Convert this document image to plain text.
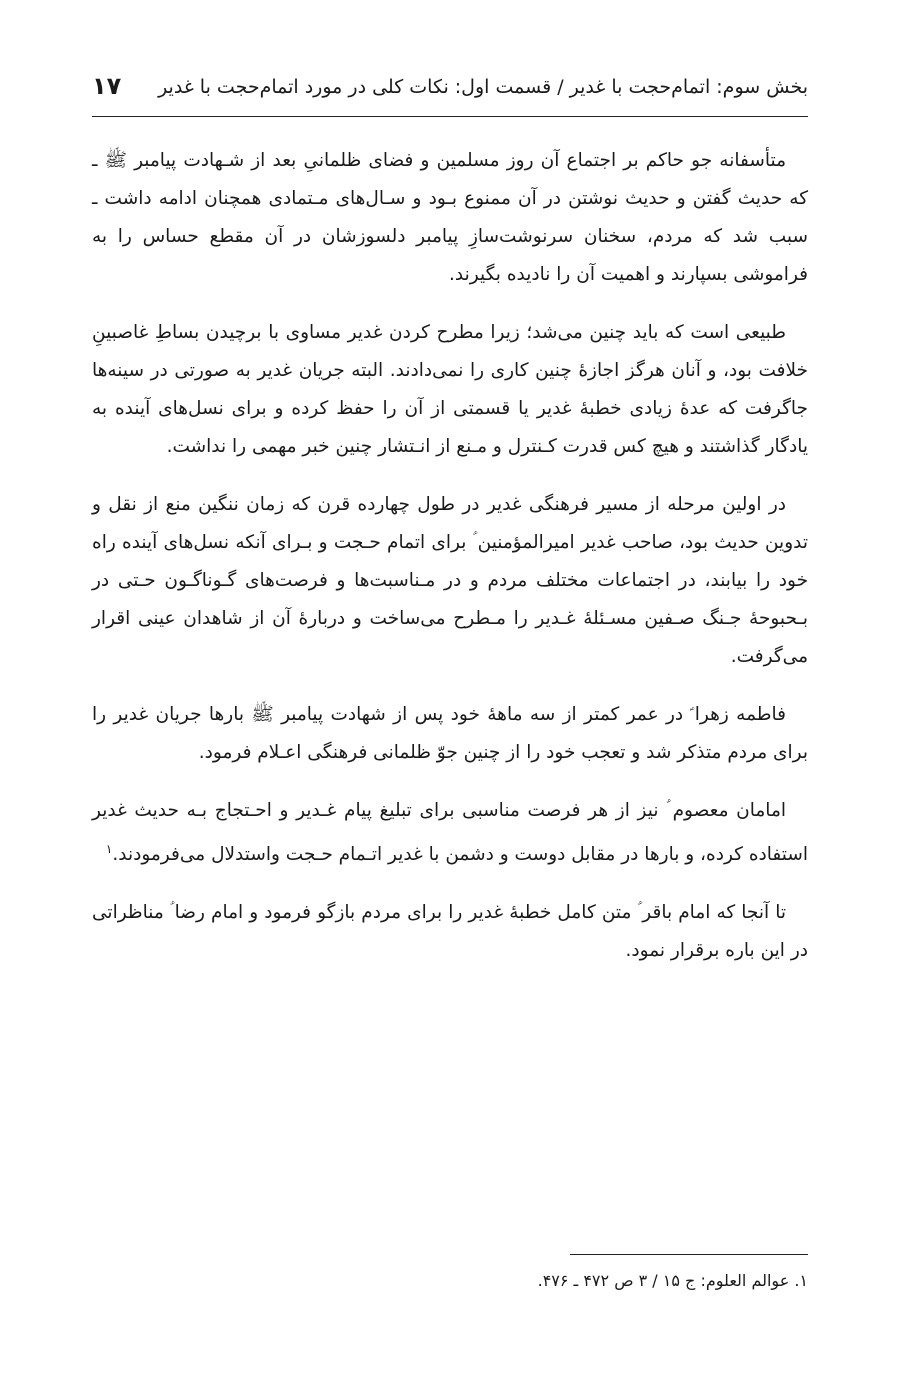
بخش سوم: اتمام‌حجت با غدیر / قسمت اول: نکات کلی در مورد اتمام‌حجت با غدیر
۱۷

متأسفانه جو حاکم بر اجتماع آن روز مسلمین و فضای ظلمانیِ بعد از شـهادت پیامبر ﷺ ـ که حدیث گفتن و حدیث نوشتن در آن ممنوع بـود و سـال‌های مـتمادی همچنان ادامه داشت ـ سبب شد که مردم، سخنان سرنوشت‌سازِ پیامبر دلسوزشان در آن مقطع حساس را به فراموشی بسپارند و اهمیت آن را نادیده بگیرند.

طبیعی است که باید چنین می‌شد؛ زیرا مطرح کردن غدیر مساوی با برچیدن بساطِ غاصبینِ خلافت بود، و آنان هرگز اجازهٔ چنین کاری را نمی‌دادند. البته جریان غدیر به صورتی در سینه‌ها جاگرفت که عدهٔ زیادی خطبهٔ غدیر یا قسمتی از آن را حفظ کرده و برای نسل‌های آینده به یادگار گذاشتند و هیچ کس قدرت کـنترل و مـنع از انـتشار چنین خبر مهمی را نداشت.

در اولین مرحله از مسیر فرهنگی غدیر در طول چهارده قرن که زمان ننگین منع از نقل و تدوین حدیث بود، صاحب غدیر امیرالمؤمنین ؑ برای اتمام حـجت و بـرای آنکه نسل‌های آینده راه خود را بیابند، در اجتماعات مختلف مردم و در مـناسبت‌ها و فرصت‌های گـوناگـون حـتی در بـحبوحهٔ جـنگ صـفین مسـئلهٔ غـدیر را مـطرح می‌ساخت و دربارهٔ آن از شاهدان عینی اقرار می‌گرفت.

فاطمه زهرا ؑ در عمر کمتر از سه ماههٔ خود پس از شهادت پیامبر ﷺ بارها جریان غدیر را برای مردم متذکر شد و تعجب خود را از چنین جوّ ظلمانی فرهنگی اعـلام فرمود.

امامان معصوم ؑ نیز از هر فرصت مناسبی برای تبلیغ پیام غـدیر و احـتجاج بـه حدیث غدیر استفاده کرده، و بارها در مقابل دوست و دشمن با غدیر اتـمام حـجت واستدلال می‌فرمودند.$^۱$

تا آنجا که امام باقر ؑ متن کامل خطبهٔ غدیر را برای مردم بازگو فرمود و امام رضا ؑ مناظراتی در این باره برقرار نمود.

۱. عوالم العلوم: ج ۱۵ / ۳ ص ۴۷۲ ـ ۴۷۶.
